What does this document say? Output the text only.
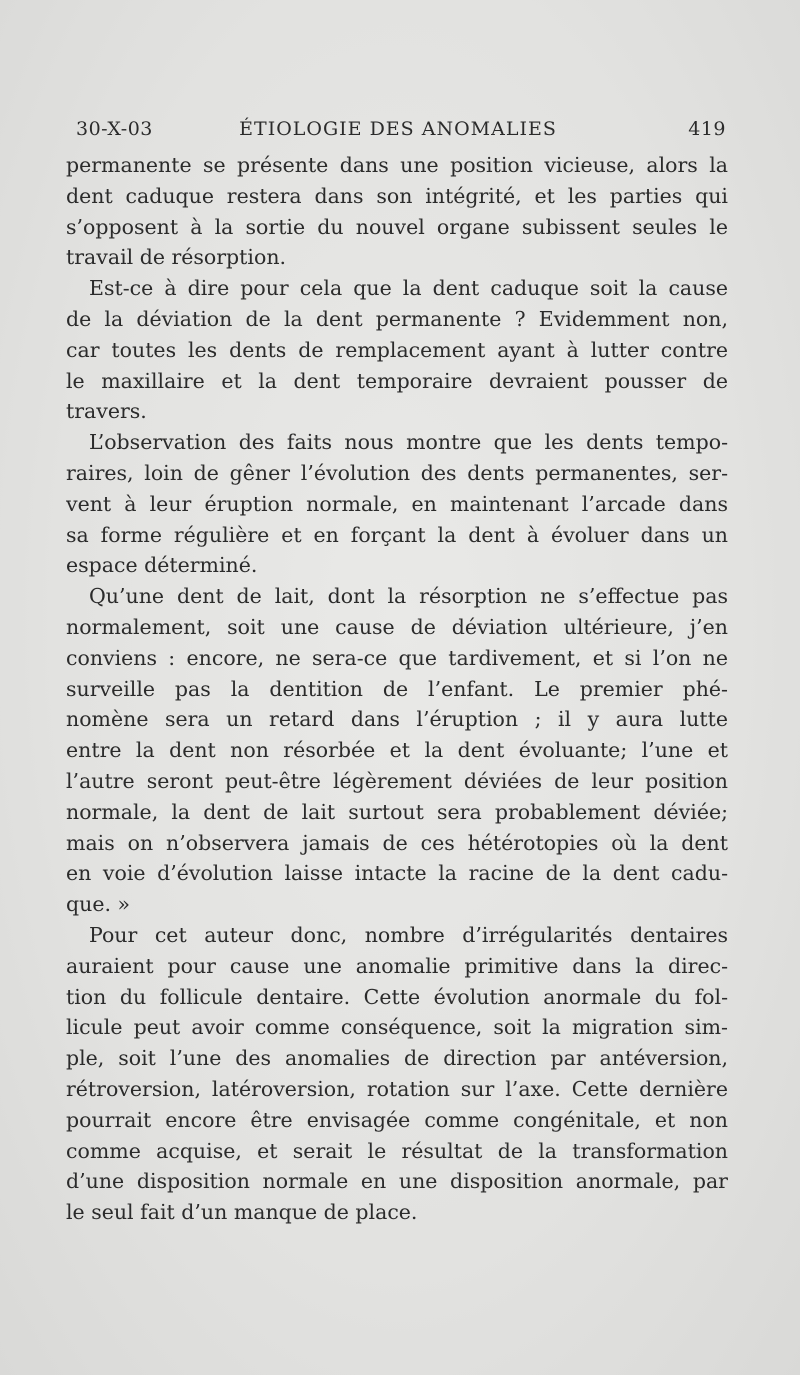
30-X-03	ÉTIOLOGIE DES ANOMALIES	419
permanente se présente dans une position vicieuse, alors la
dent caduque restera dans son intégrité, et les parties qui
s’opposent à la sortie du nouvel organe subissent seules le
travail de résorption.
Est-ce à dire pour cela que la dent caduque soit la cause
de la déviation de la dent permanente ? Evidemment non,
car toutes les dents de remplacement ayant à lutter contre
le maxillaire et la dent temporaire devraient pousser de
travers.
L’observation des faits nous montre que les dents tempo-
raires, loin de gêner l’évolution des dents permanentes, ser-
vent à leur éruption normale, en maintenant l’arcade dans
sa forme régulière et en forçant la dent à évoluer dans un
espace déterminé.
Qu’une dent de lait, dont la résorption ne s’effectue pas
normalement, soit une cause de déviation ultérieure, j’en
conviens : encore, ne sera-ce que tardivement, et si l’on ne
surveille pas la dentition de l’enfant. Le premier phé-
nomène sera un retard dans l’éruption ; il y aura lutte
entre la dent non résorbée et la dent évoluante; l’une et
l’autre seront peut-être légèrement déviées de leur position
normale, la dent de lait surtout sera probablement déviée;
mais on n’observera jamais de ces hétérotopies où la dent
en voie d’évolution laisse intacte la racine de la dent cadu-
que. »
Pour cet auteur donc, nombre d’irrégularités dentaires
auraient pour cause une anomalie primitive dans la direc-
tion du follicule dentaire. Cette évolution anormale du fol-
licule peut avoir comme conséquence, soit la migration sim-
ple, soit l’une des anomalies de direction par antéversion,
rétroversion, latéroversion, rotation sur l’axe. Cette dernière
pourrait encore être envisagée comme congénitale, et non
comme acquise, et serait le résultat de la transformation
d’une disposition normale en une disposition anormale, par
le seul fait d’un manque de place.
